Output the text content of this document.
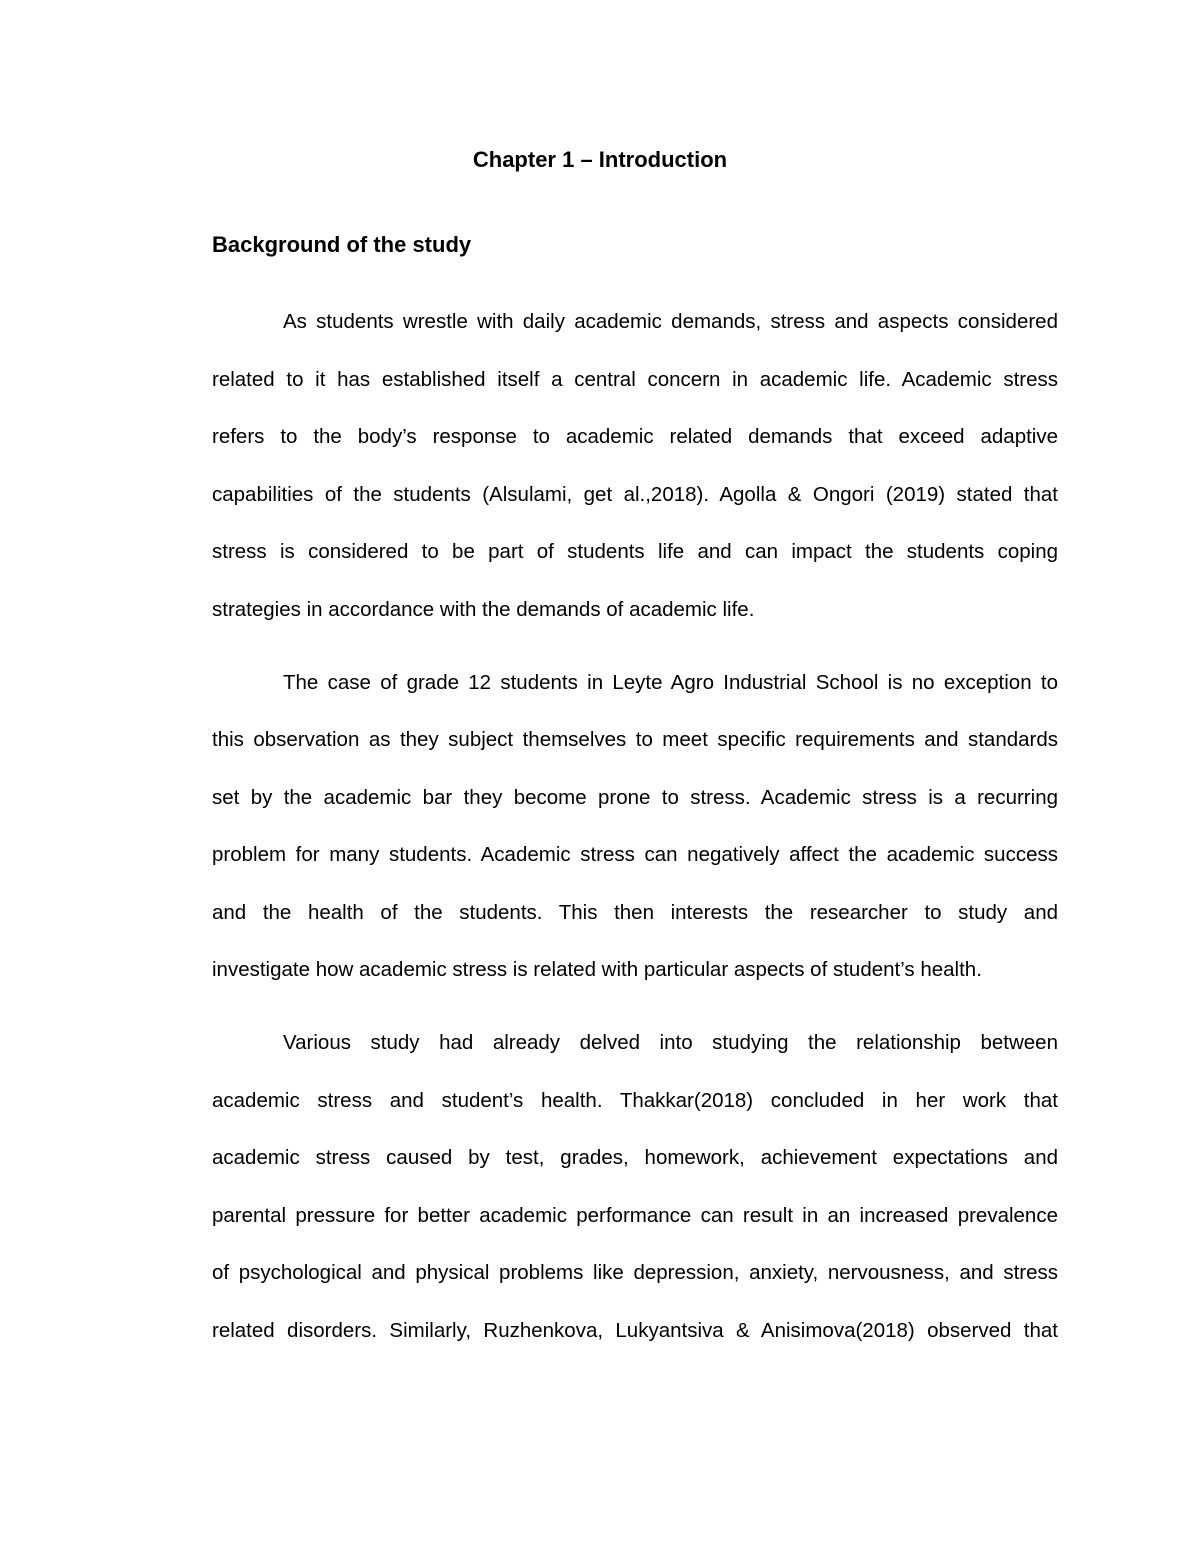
Chapter 1 – Introduction
Background of the study
As students wrestle with daily academic demands, stress and aspects considered
related to it has established itself a central concern in academic life. Academic stress
refers to the body’s response to academic related demands that exceed adaptive
capabilities of the students (Alsulami, get al.,2018). Agolla & Ongori (2019) stated that
stress is considered to be part of students life and can impact the students coping
strategies in accordance with the demands of academic life.
The case of grade 12 students in Leyte Agro Industrial School is no exception to
this observation as they subject themselves to meet specific requirements and standards
set by the academic bar they become prone to stress. Academic stress is a recurring
problem for many students. Academic stress can negatively affect the academic success
and the health of the students. This then interests the researcher to study and
investigate how academic stress is related with particular aspects of student’s health.
Various study had already delved into studying the relationship between
academic stress and student’s health. Thakkar(2018) concluded in her work that
academic stress caused by test, grades, homework, achievement expectations and
parental pressure for better academic performance can result in an increased prevalence
of psychological and physical problems like depression, anxiety, nervousness, and stress
related disorders. Similarly, Ruzhenkova, Lukyantsiva & Anisimova(2018) observed that
